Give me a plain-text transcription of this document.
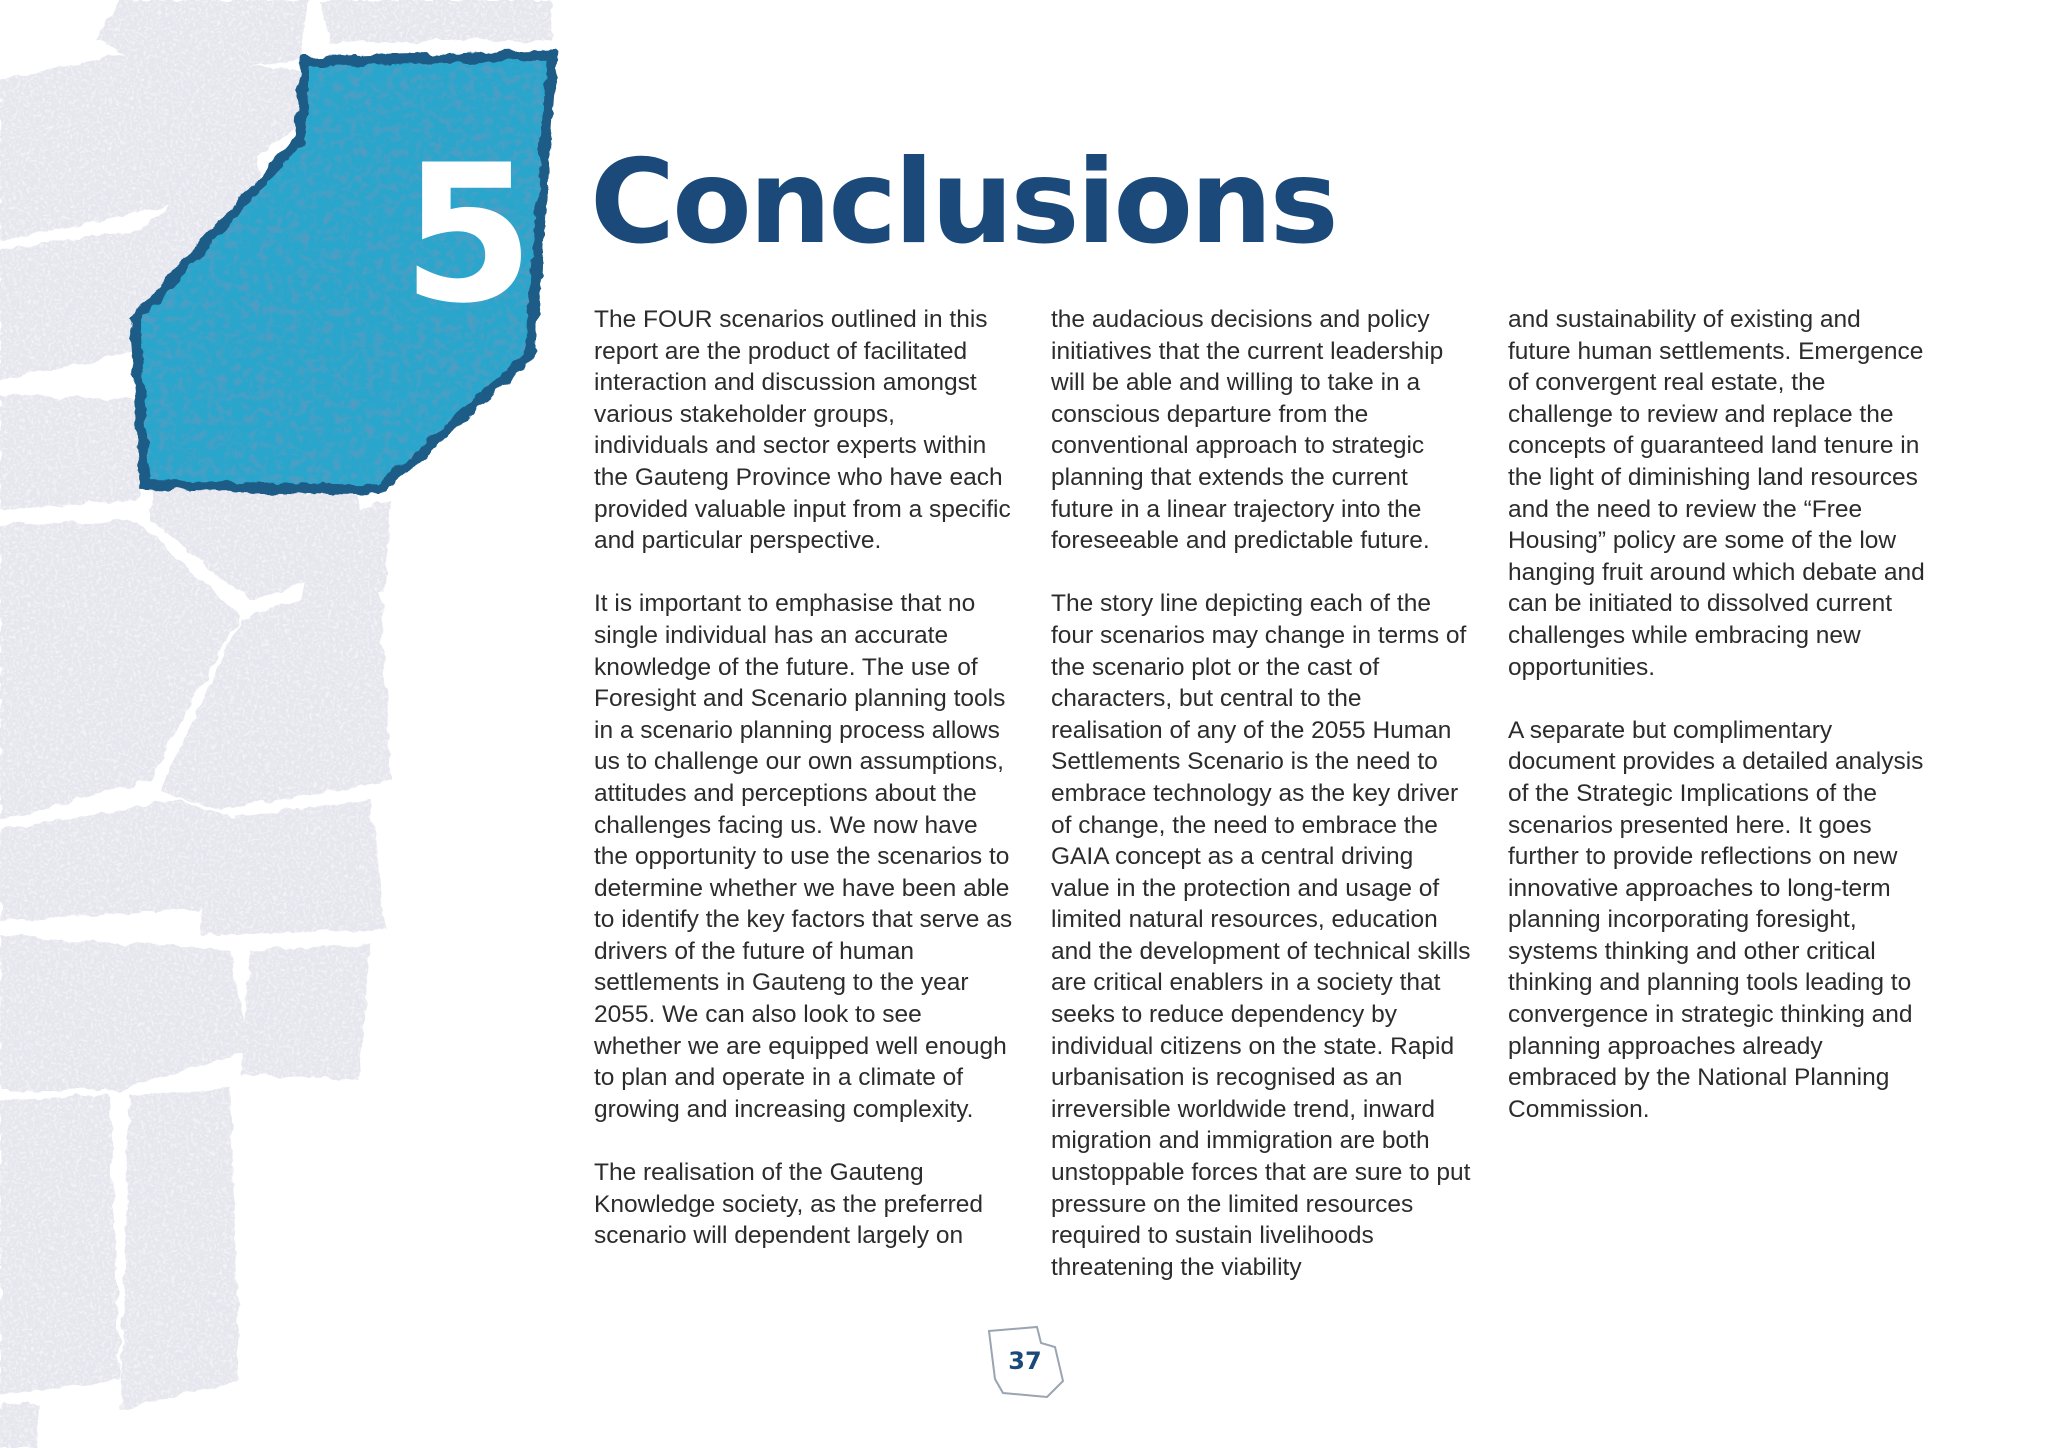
5 Conclusions

The FOUR scenarios outlined in this report are the product of facilitated interaction and discussion amongst various stakeholder groups, individuals and sector experts within the Gauteng Province who have each provided valuable input from a specific and particular perspective.

It is important to emphasise that no single individual has an accurate knowledge of the future. The use of Foresight and Scenario planning tools in a scenario planning process allows us to challenge our own assumptions, attitudes and perceptions about the challenges facing us. We now have the opportunity to use the scenarios to determine whether we have been able to identify the key factors that serve as drivers of the future of human settlements in Gauteng to the year 2055. We can also look to see whether we are equipped well enough to plan and operate in a climate of growing and increasing complexity.

The realisation of the Gauteng Knowledge society, as the preferred scenario will dependent largely on

the audacious decisions and policy initiatives that the current leadership will be able and willing to take in a conscious departure from the conventional approach to strategic planning that extends the current future in a linear trajectory into the foreseeable and predictable future.

The story line depicting each of the four scenarios may change in terms of the scenario plot or the cast of characters, but central to the realisation of any of the 2055 Human Settlements Scenario is the need to embrace technology as the key driver of change, the need to embrace the GAIA concept as a central driving value in the protection and usage of limited natural resources, education and the development of technical skills are critical enablers in a society that seeks to reduce dependency by individual citizens on the state. Rapid urbanisation is recognised as an irreversible worldwide trend, inward migration and immigration are both unstoppable forces that are sure to put pressure on the limited resources required to sustain livelihoods threatening the viability

and sustainability of existing and future human settlements. Emergence of convergent real estate, the challenge to review and replace the concepts of guaranteed land tenure in the light of diminishing land resources and the need to review the “Free Housing” policy are some of the low hanging fruit around which debate and can be initiated to dissolved current challenges while embracing new opportunities.

A separate but complimentary document provides a detailed analysis of the Strategic Implications of the scenarios presented here. It goes further to provide reflections on new innovative approaches to long-term planning incorporating foresight, systems thinking and other critical thinking and planning tools leading to convergence in strategic thinking and planning approaches already embraced by the National Planning Commission.

37
